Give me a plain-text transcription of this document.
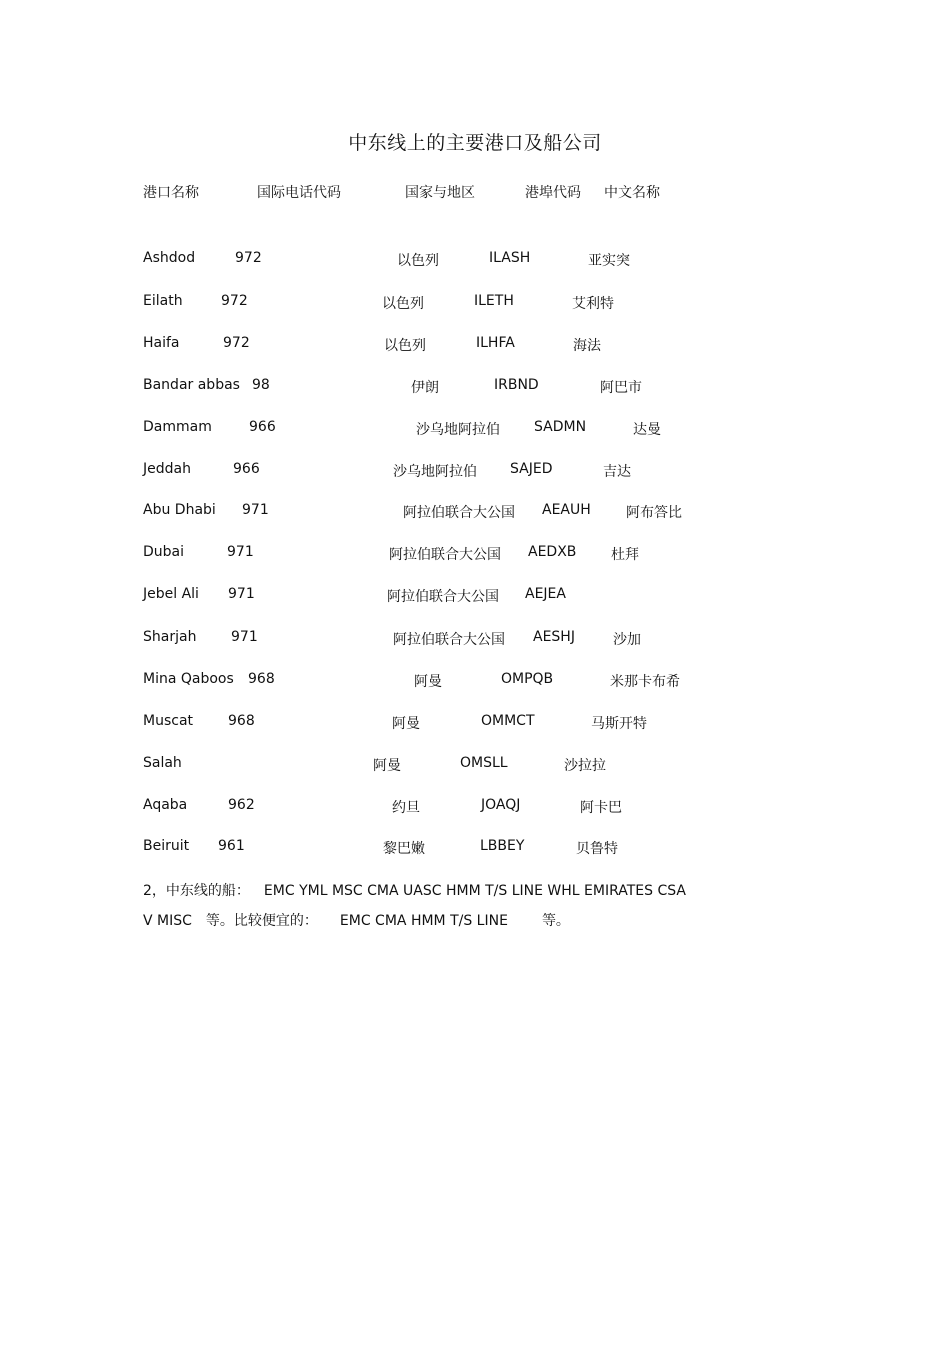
中东线上的主要港口及船公司
港口名称	国际电话代码	国家与地区	港埠代码 中文名称
Ashdod	972	以色列	ILASH	亚实突
Eilath	972	以色列	ILETH	艾利特
Haifa	972	以色列	ILHFA	海法
Bandar abbas 98	伊朗	IRBND	阿巴市
Dammam	966	沙乌地阿拉伯 SADMN	达曼
Jeddah	966	沙乌地阿拉伯 SAJED	吉达
Abu Dhabi 971	阿拉伯联合大公国 AEAUH	阿布答比
Dubai	971	阿拉伯联合大公国 AEDXB 杜拜
Jebel Ali 971	阿拉伯联合大公国 AEJEA
Sharjah 971	阿拉伯联合大公国 AESHJ	沙加
Mina Qaboos 968	阿曼	OMPQB	米那卡布希
Muscat 968	阿曼	OMMCT	马斯开特
Salah	阿曼	OMSLL	沙拉拉
Aqaba	962	约旦	JOAQJ	阿卡巴
Beiruit 961	黎巴嫩	LBBEY	贝鲁特
2，中东线的船： EMC YML MSC CMA UASC HMM T/S LINE WHL EMIRATES CSA
V MISC 等。比较便宜的： EMC CMA HMM T/S LINE 等。
